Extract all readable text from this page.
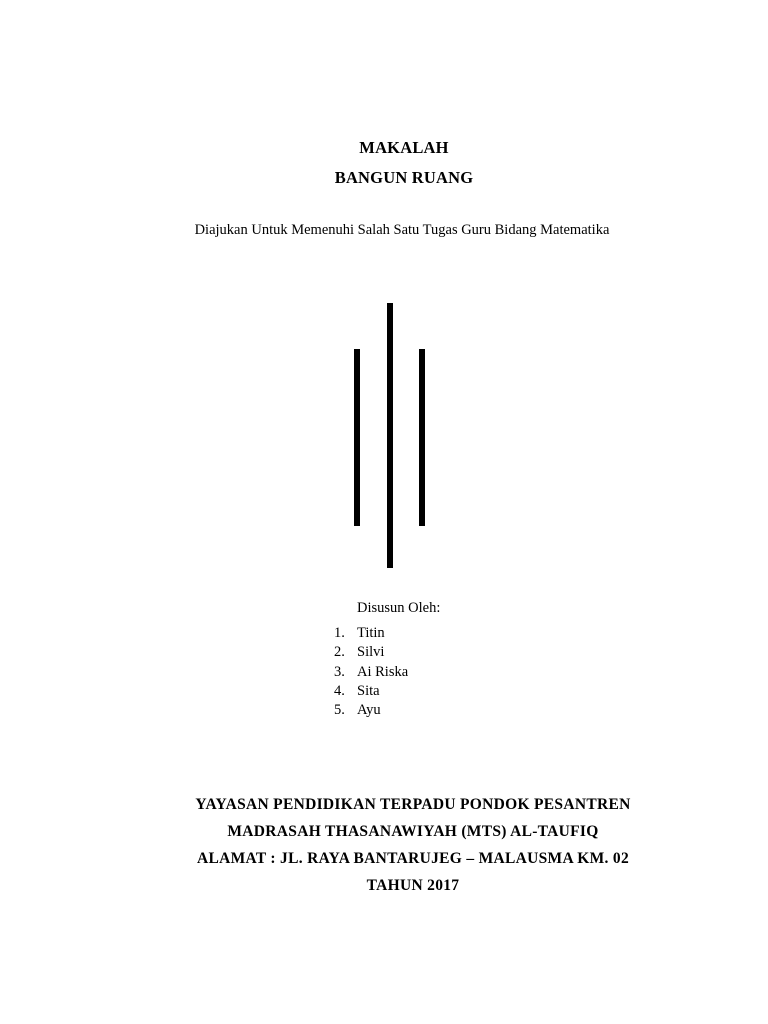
MAKALAH
BANGUN RUANG
Diajukan Untuk Memenuhi Salah Satu Tugas Guru Bidang Matematika
Disusun Oleh:
1. Titin
2. Silvi
3. Ai Riska
4. Sita
5. Ayu
YAYASAN PENDIDIKAN TERPADU PONDOK PESANTREN
MADRASAH THASANAWIYAH (MTS) AL-TAUFIQ
ALAMAT : JL. RAYA BANTARUJEG – MALAUSMA KM. 02
TAHUN 2017
